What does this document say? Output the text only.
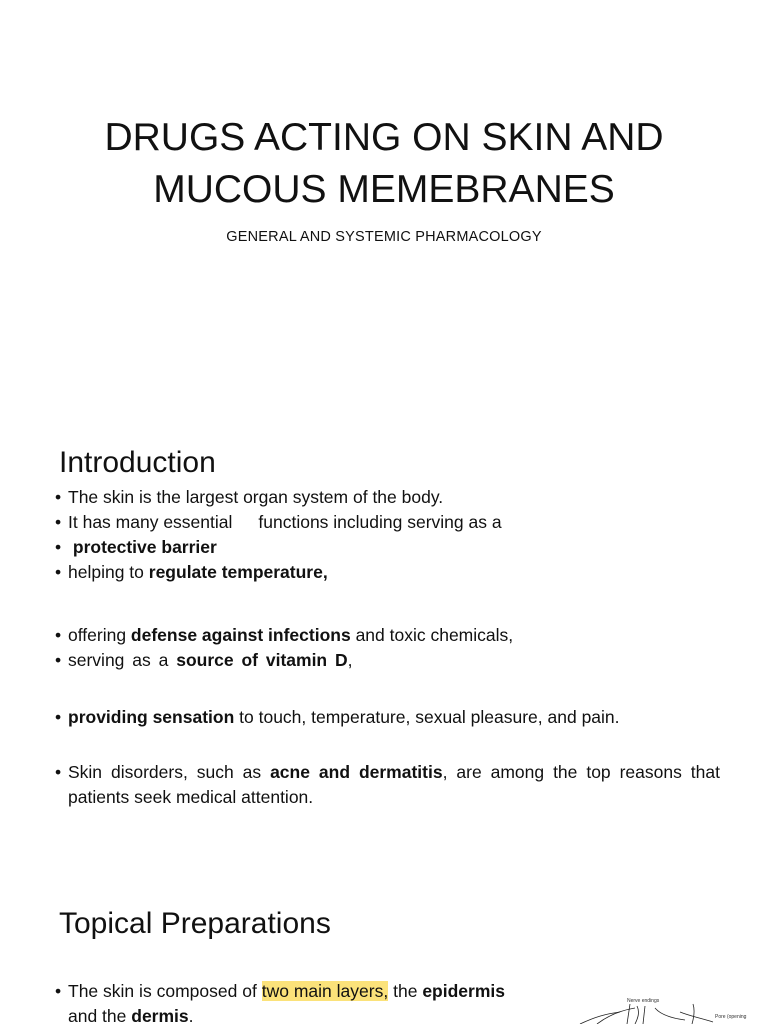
DRUGS ACTING ON SKIN AND
MUCOUS MEMEBRANES
GENERAL AND SYSTEMIC PHARMACOLOGY
Introduction
• The skin is the largest organ system of the body.
• It has many essential functions including serving as a
• protective barrier
• helping to regulate temperature,
• offering defense against infections and toxic chemicals,
• serving as a source of vitamin D,
• providing sensation to touch, temperature, sexual pleasure, and pain.
• Skin disorders, such as acne and dermatitis, are among the top reasons that patients seek medical attention.
Topical Preparations
• The skin is composed of two main layers, the epidermis and the dermis.
Nerve endings
Pore (opening
